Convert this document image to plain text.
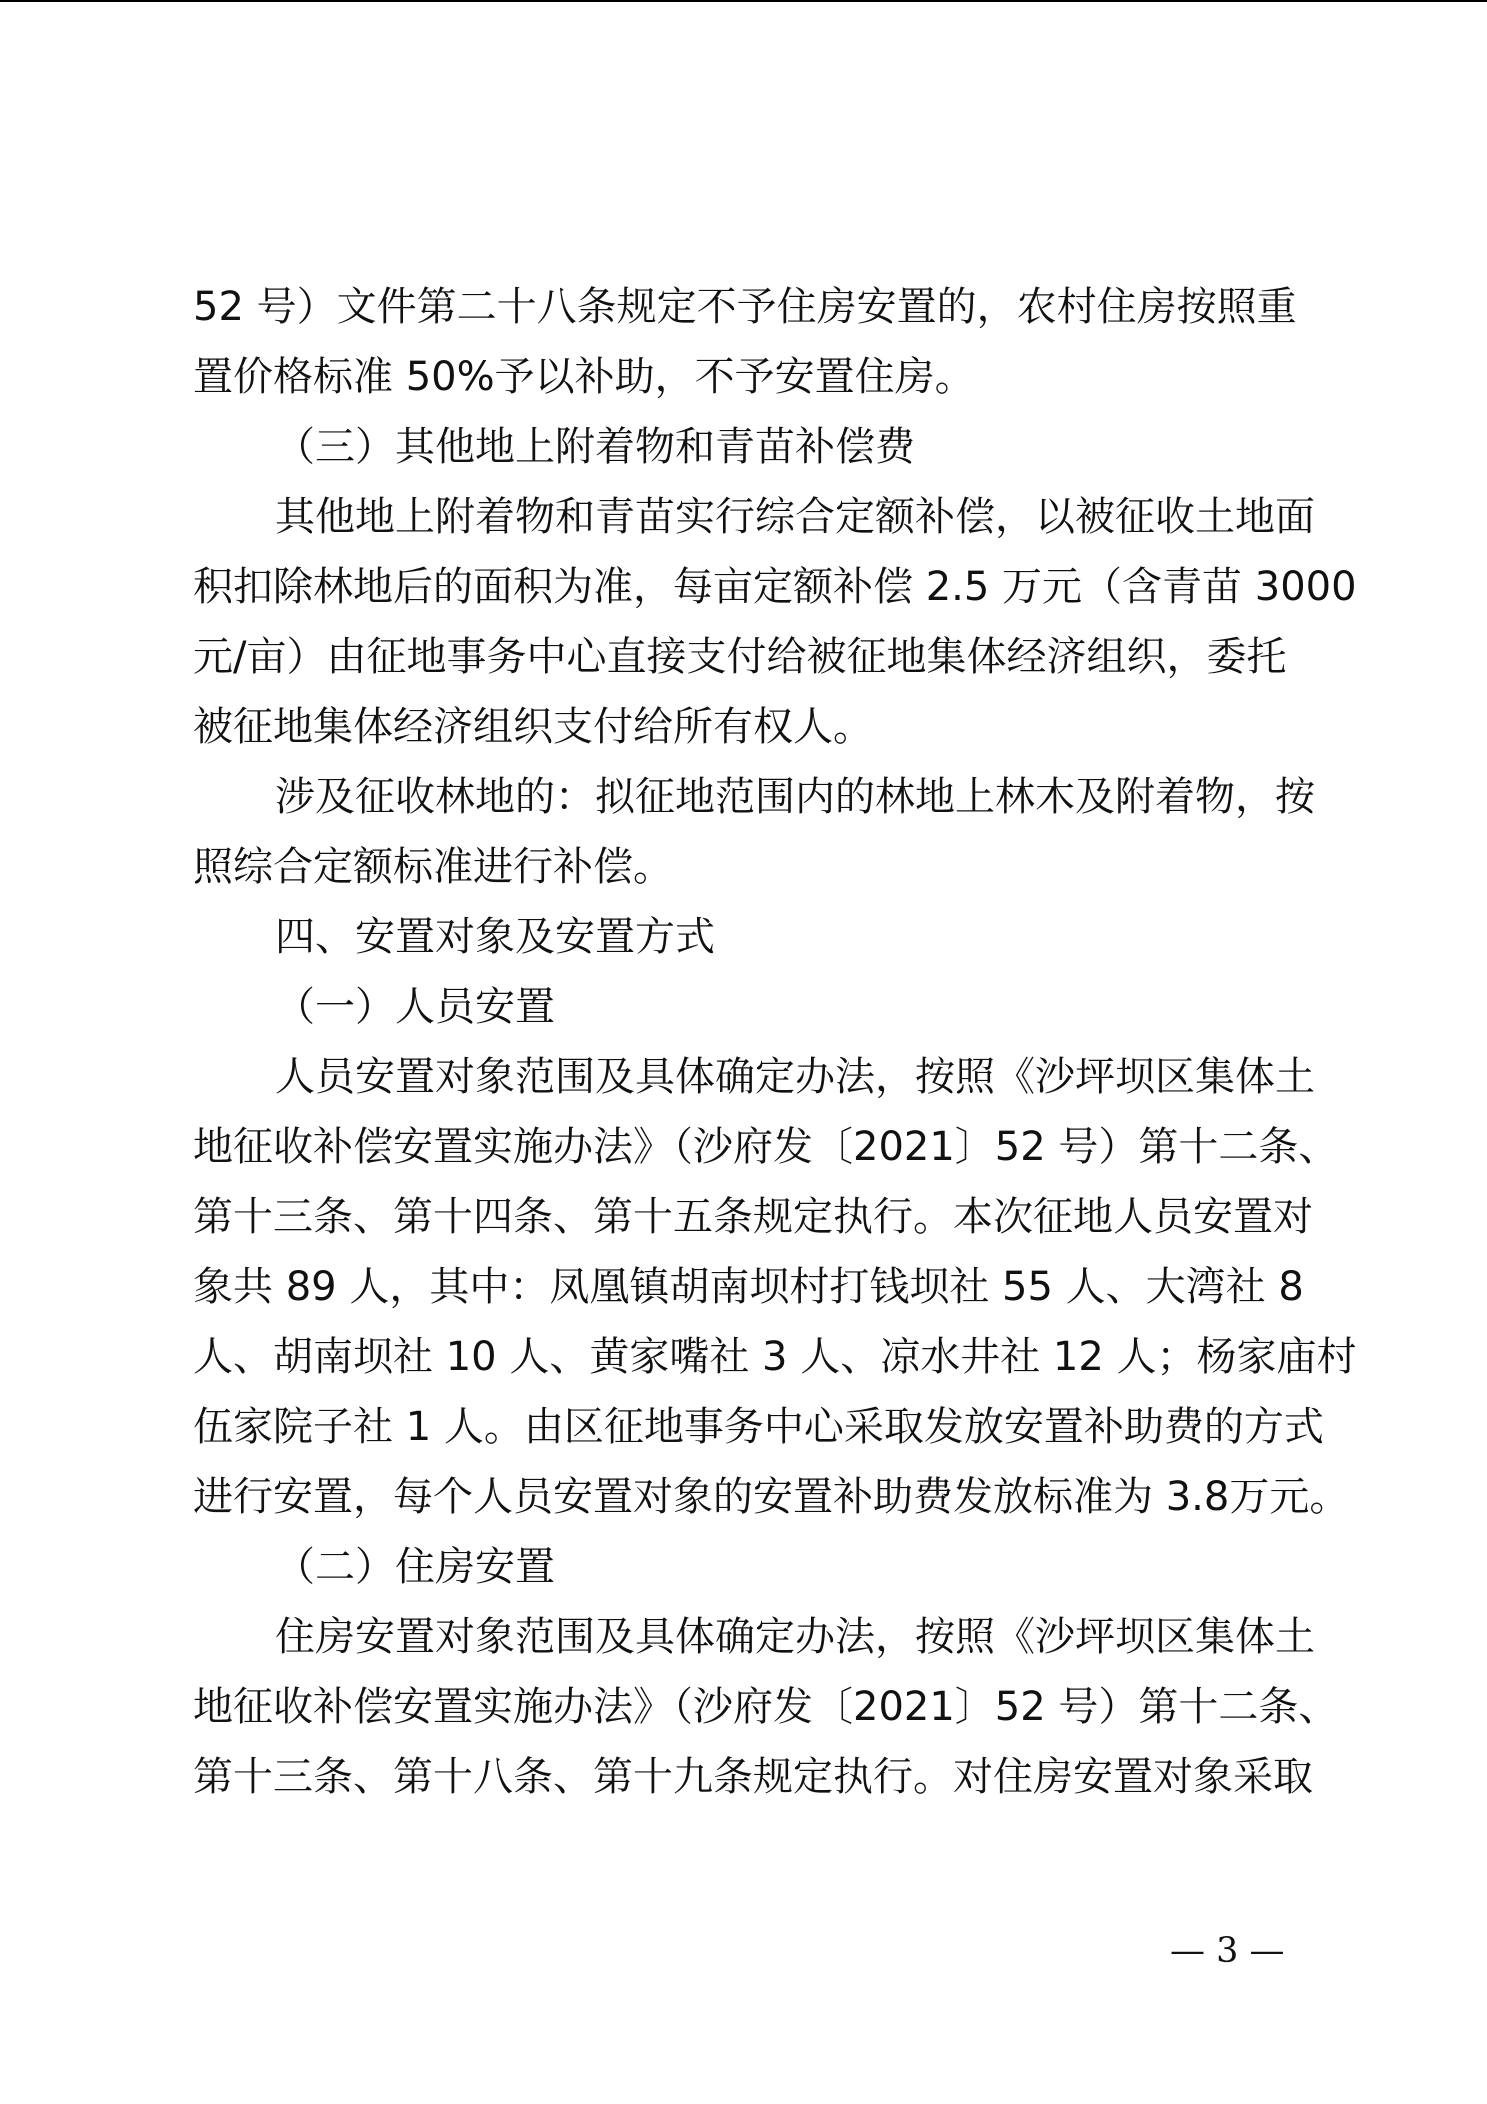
52 号）文件第二十八条规定不予住房安置的，农村住房按照重
置价格标准 50%予以补助，不予安置住房。
（三）其他地上附着物和青苗补偿费
其他地上附着物和青苗实行综合定额补偿，以被征收土地面
积扣除林地后的面积为准，每亩定额补偿 2.5 万元（含青苗 3000
元/亩）由征地事务中心直接支付给被征地集体经济组织，委托
被征地集体经济组织支付给所有权人。
涉及征收林地的：拟征地范围内的林地上林木及附着物，按
照综合定额标准进行补偿。
四、安置对象及安置方式
（一）人员安置
人员安置对象范围及具体确定办法，按照《沙坪坝区集体土
地征收补偿安置实施办法》（沙府发〔2021〕52 号）第十二条、
第十三条、第十四条、第十五条规定执行。本次征地人员安置对
象共 89 人，其中：凤凰镇胡南坝村打钱坝社 55 人、大湾社 8
人、胡南坝社 10 人、黄家嘴社 3 人、凉水井社 12 人；杨家庙村
伍家院子社 1 人。由区征地事务中心采取发放安置补助费的方式
进行安置，每个人员安置对象的安置补助费发放标准为 3.8万元。
（二）住房安置
住房安置对象范围及具体确定办法，按照《沙坪坝区集体土
地征收补偿安置实施办法》（沙府发〔2021〕52 号）第十二条、
第十三条、第十八条、第十九条规定执行。对住房安置对象采取
— 3 —
